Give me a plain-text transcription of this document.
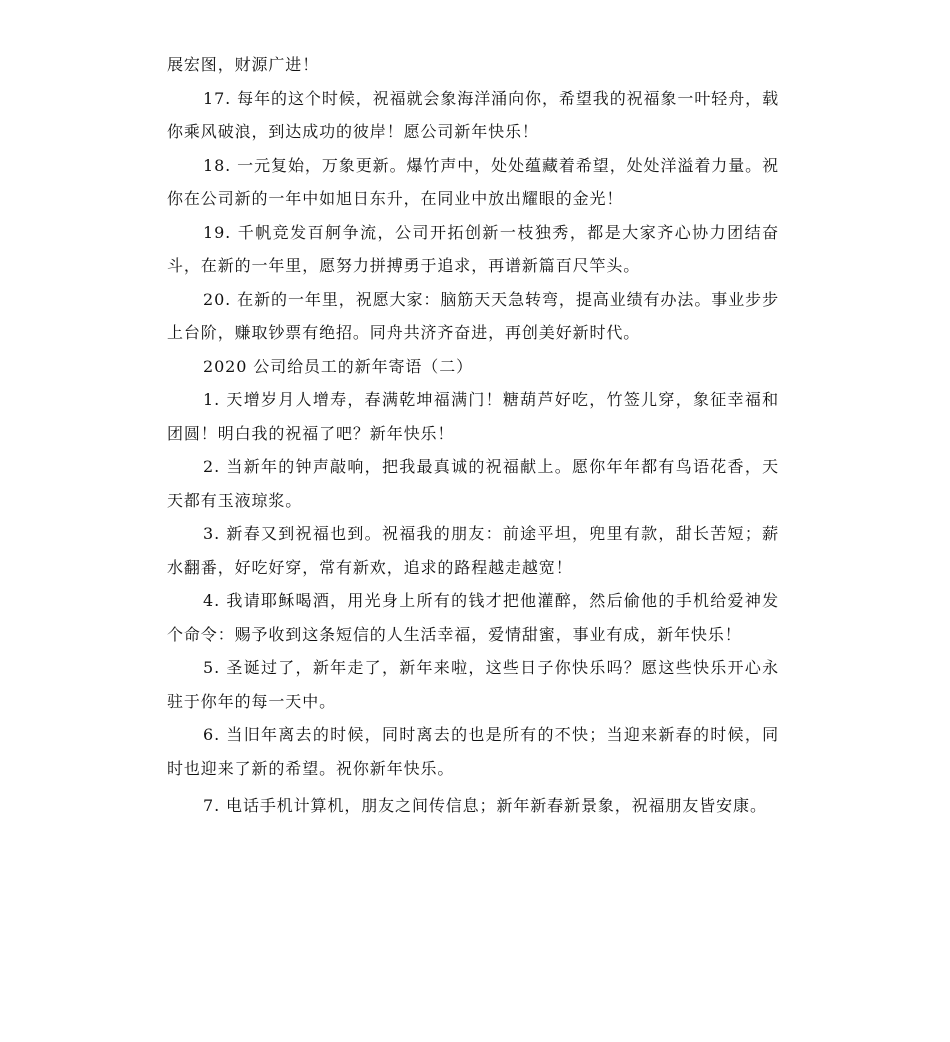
展宏图，财源广进！

17. 每年的这个时候，祝福就会象海洋涌向你，希望我的祝福象一叶轻舟，载你乘风破浪，到达成功的彼岸！愿公司新年快乐！

18. 一元复始，万象更新。爆竹声中，处处蕴藏着希望，处处洋溢着力量。祝你在公司新的一年中如旭日东升，在同业中放出耀眼的金光！

19. 千帆竞发百舸争流，公司开拓创新一枝独秀，都是大家齐心协力团结奋斗，在新的一年里，愿努力拼搏勇于追求，再谱新篇百尺竿头。

20. 在新的一年里，祝愿大家：脑筋天天急转弯，提高业绩有办法。事业步步上台阶，赚取钞票有绝招。同舟共济齐奋进，再创美好新时代。

2020 公司给员工的新年寄语（二）

1. 天增岁月人增寿，春满乾坤福满门！糖葫芦好吃，竹签儿穿，象征幸福和团圆！明白我的祝福了吧？新年快乐！

2. 当新年的钟声敲响，把我最真诚的祝福献上。愿你年年都有鸟语花香，天天都有玉液琼浆。

3. 新春又到祝福也到。祝福我的朋友：前途平坦，兜里有款，甜长苦短；薪水翻番，好吃好穿，常有新欢，追求的路程越走越宽！

4. 我请耶稣喝酒，用光身上所有的钱才把他灌醉，然后偷他的手机给爱神发个命令：赐予收到这条短信的人生活幸福，爱情甜蜜，事业有成，新年快乐！

5. 圣诞过了，新年走了，新年来啦，这些日子你快乐吗？愿这些快乐开心永驻于你年的每一天中。

6. 当旧年离去的时候，同时离去的也是所有的不快；当迎来新春的时候，同时也迎来了新的希望。祝你新年快乐。

7. 电话手机计算机，朋友之间传信息；新年新春新景象，祝福朋友皆安康。
